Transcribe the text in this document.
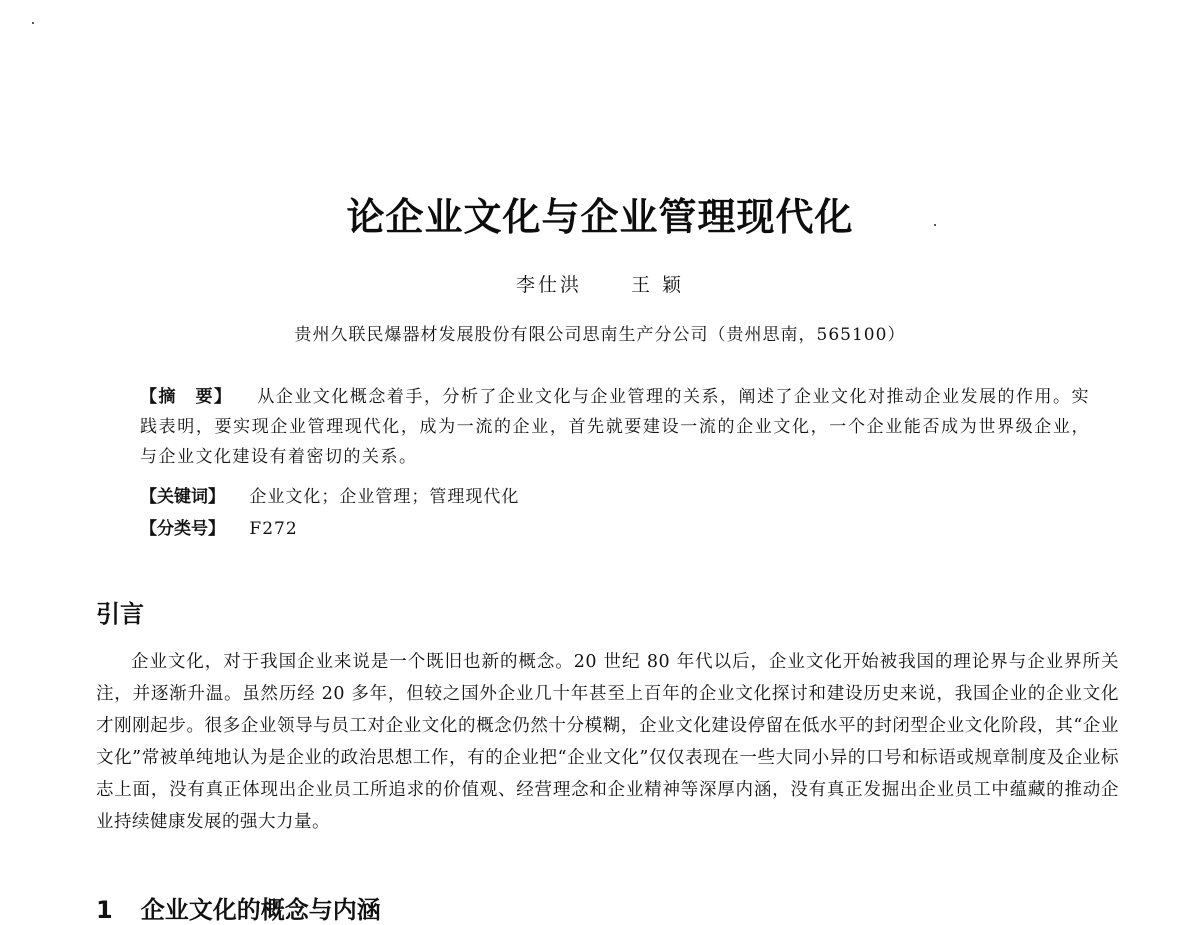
论企业文化与企业管理现代化
李仕洪	王 颖
贵州久联民爆器材发展股份有限公司思南生产分公司（贵州思南，565100）
【摘　要】 从企业文化概念着手，分析了企业文化与企业管理的关系，阐述了企业文化对推动企业发展的作用。实践表明，要实现企业管理现代化，成为一流的企业，首先就要建设一流的企业文化，一个企业能否成为世界级企业，与企业文化建设有着密切的关系。
【关键词】 企业文化；企业管理；管理现代化
【分类号】 F272
引言
企业文化，对于我国企业来说是一个既旧也新的概念。20 世纪 80 年代以后，企业文化开始被我国的理论界与企业界所关注，并逐渐升温。虽然历经 20 多年，但较之国外企业几十年甚至上百年的企业文化探讨和建设历史来说，我国企业的企业文化才刚刚起步。很多企业领导与员工对企业文化的概念仍然十分模糊，企业文化建设停留在低水平的封闭型企业文化阶段，其“企业文化”常被单纯地认为是企业的政治思想工作，有的企业把“企业文化”仅仅表现在一些大同小异的口号和标语或规章制度及企业标志上面，没有真正体现出企业员工所追求的价值观、经营理念和企业精神等深厚内涵，没有真正发掘出企业员工中蕴藏的推动企业持续健康发展的强大力量。
1 企业文化的概念与内涵
